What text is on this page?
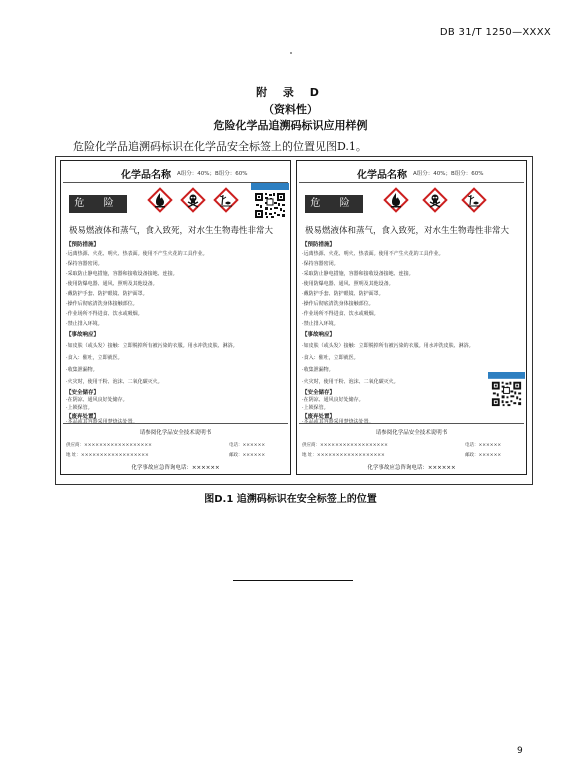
DB 31/T 1250—XXXX
附 录 D
（资料性）
危险化学品追溯码标识应用样例
危险化学品追溯码标识在化学品安全标签上的位置见图D.1。
化学品名称 A组分：40%；B组分：60%
危 险
极易燃液体和蒸气，食入致死，对水生生物毒性非常大
【预防措施】
·远离热源、火花、明火、热表面。使用不产生火花的工具作业。
·保持容器密闭。
·采取防止静电措施，容器和接收设备接地、连接。
·使用防爆电器、通风、照明及其他设备。
·戴防护手套、防护眼镜、防护面罩。
·操作后彻底清洗身体接触部位。
·作业场所不得进食、饮水或吸烟。
·禁止排入环境。
【事故响应】
·如皮肤（或头发）接触：立即脱掉所有被污染的衣服。用水冲洗皮肤、淋浴。
·食入：催吐，立即就医。
·收集泄漏物。
·火灾时，使用干粉、泡沫、二氧化碳灭火。
【安全储存】
·在阴凉、通风良好处储存。
·上锁保管。
【废弃处置】
·本品或其容器采用焚烧法处置。
请参阅化学品安全技术说明书
供应商：××××××××××××××××××
地 址：××××××××××××××××××
电话：××××××
邮政：××××××
化学事故应急咨询电话：××××××
化学品名称 A组分：40%；B组分：60%
危 险
极易燃液体和蒸气，食入致死，对水生生物毒性非常大
【预防措施】
·远离热源、火花、明火、热表面。使用不产生火花的工具作业。
·保持容器密闭。
·采取防止静电措施，容器和接收设备接地、连接。
·使用防爆电器、通风、照明及其他设备。
·戴防护手套、防护眼镜、防护面罩。
·操作后彻底清洗身体接触部位。
·作业场所不得进食、饮水或吸烟。
·禁止排入环境。
【事故响应】
·如皮肤（或头发）接触：立即脱掉所有被污染的衣服。用水冲洗皮肤、淋浴。
·食入：催吐，立即就医。
·收集泄漏物。
·火灾时，使用干粉、泡沫、二氧化碳灭火。
【安全储存】
·在阴凉、通风良好处储存。
·上锁保管。
【废弃处置】
·本品或其容器采用焚烧法处置。
请参阅化学品安全技术说明书
供应商：××××××××××××××××××
地 址：××××××××××××××××××
电话：××××××
邮政：××××××
化学事故应急咨询电话：××××××
图D.1 追溯码标识在安全标签上的位置
9
